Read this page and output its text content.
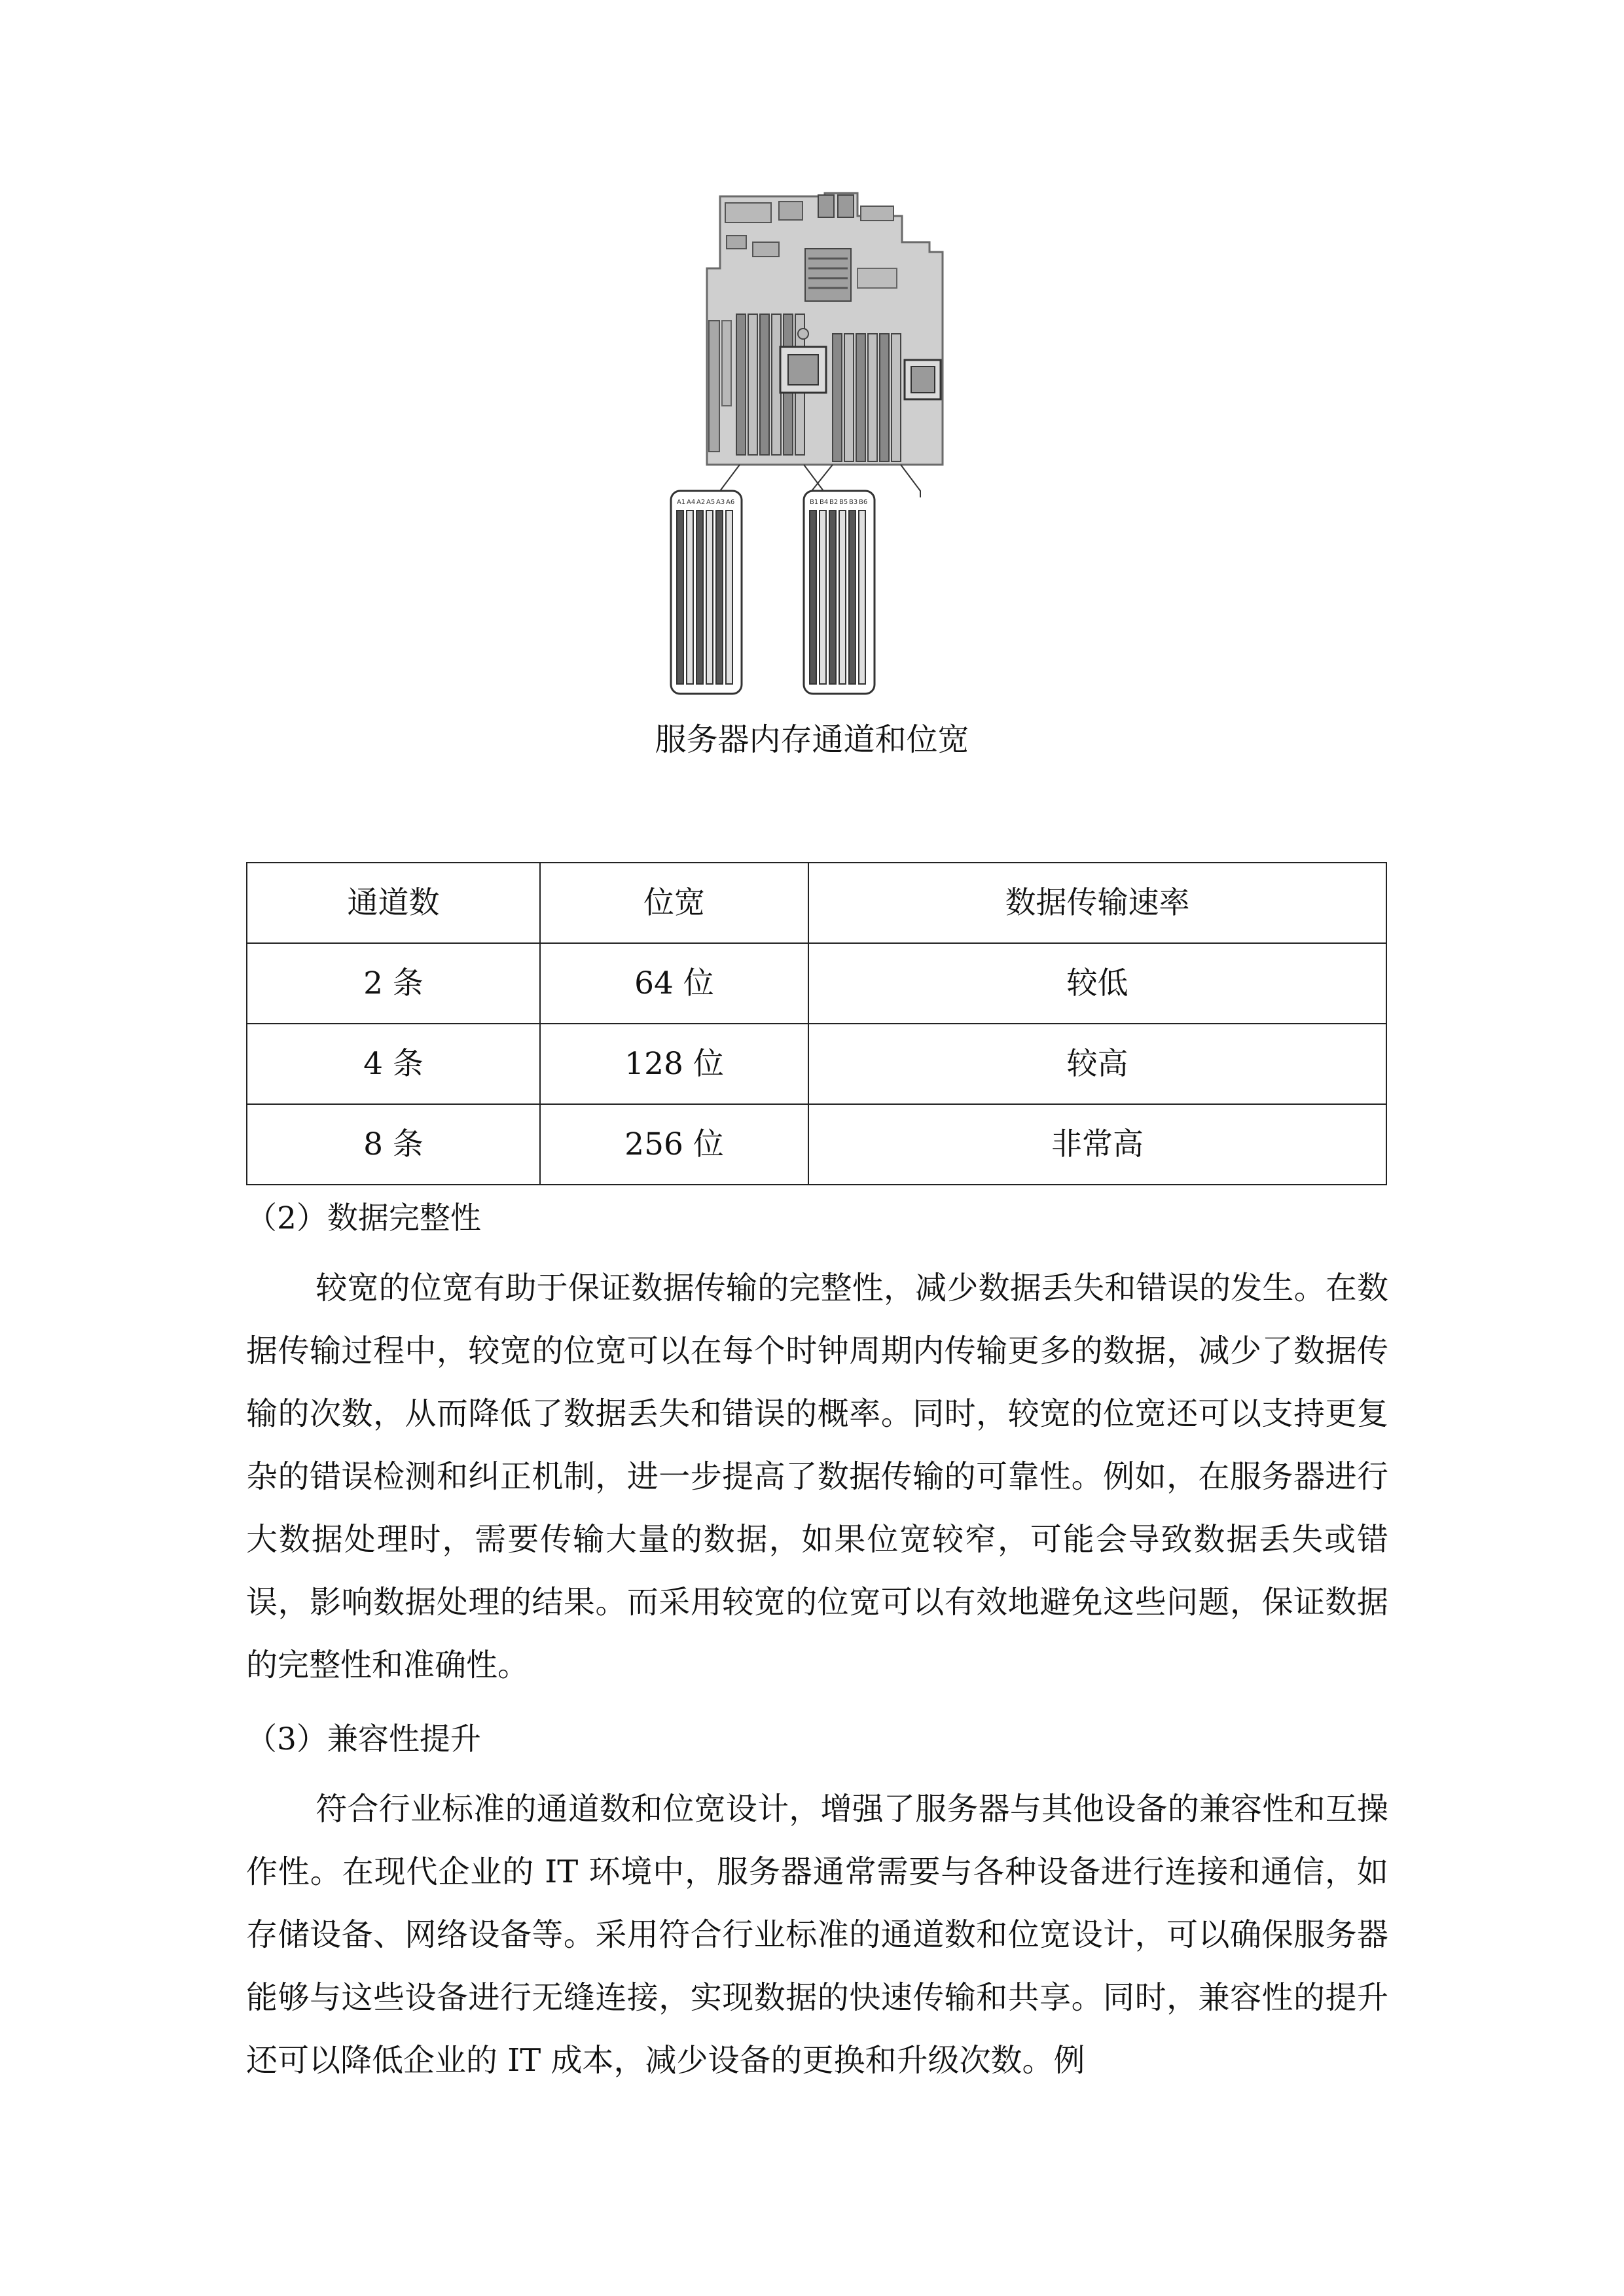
A1 A4 A2 A5 A3 A6	B1 B4 B2 B5 B3 B6
服务器内存通道和位宽
通道数	位宽	数据传输速率
2 条	64 位	较低
4 条	128 位	较高
8 条	256 位	非常高
（2）数据完整性

较宽的位宽有助于保证数据传输的完整性，减少数据丢失和错误的发生。在数据传输过程中，较宽的位宽可以在每个时钟周期内传输更多的数据，减少了数据传输的次数，从而降低了数据丢失和错误的概率。同时，较宽的位宽还可以支持更复杂的错误检测和纠正机制，进一步提高了数据传输的可靠性。例如，在服务器进行大数据处理时，需要传输大量的数据，如果位宽较窄，可能会导致数据丢失或错误，影响数据处理的结果。而采用较宽的位宽可以有效地避免这些问题，保证数据的完整性和准确性。

（3）兼容性提升

符合行业标准的通道数和位宽设计，增强了服务器与其他设备的兼容性和互操作性。在现代企业的 IT 环境中，服务器通常需要与各种设备进行连接和通信，如存储设备、网络设备等。采用符合行业标准的通道数和位宽设计，可以确保服务器能够与这些设备进行无缝连接，实现数据的快速传输和共享。同时，兼容性的提升还可以降低企业的 IT 成本，减少设备的更换和升级次数。例
